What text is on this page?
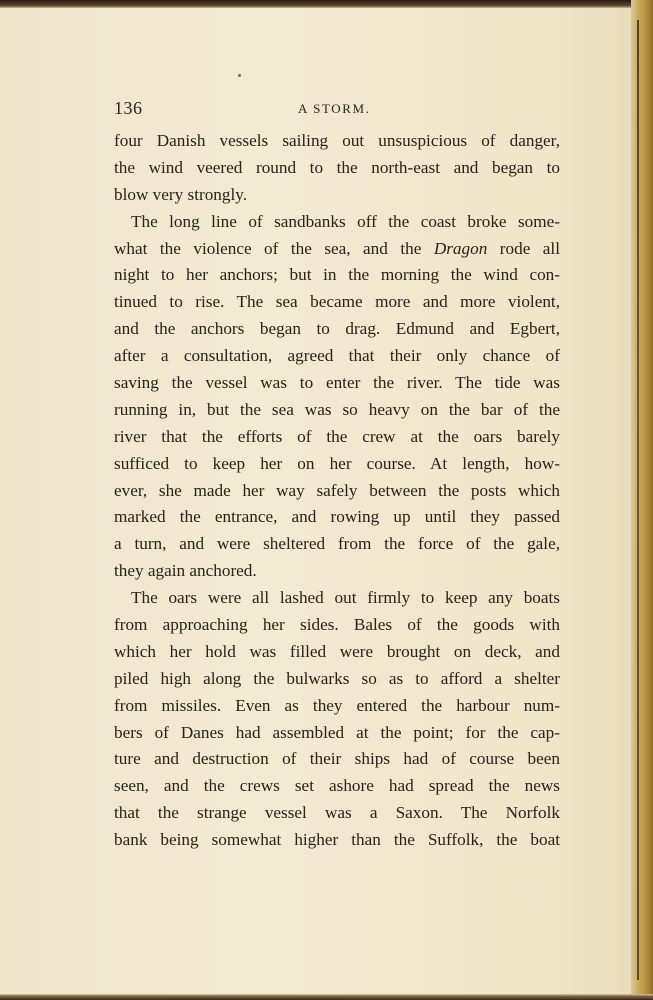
136	A STORM.
four Danish vessels sailing out unsuspicious of danger,
the wind veered round to the north-east and began to
blow very strongly.
The long line of sandbanks off the coast broke some-
what the violence of the sea, and the Dragon rode all
night to her anchors; but in the morning the wind con-
tinued to rise. The sea became more and more violent,
and the anchors began to drag. Edmund and Egbert,
after a consultation, agreed that their only chance of
saving the vessel was to enter the river. The tide was
running in, but the sea was so heavy on the bar of the
river that the efforts of the crew at the oars barely
sufficed to keep her on her course. At length, how-
ever, she made her way safely between the posts which
marked the entrance, and rowing up until they passed
a turn, and were sheltered from the force of the gale,
they again anchored.
The oars were all lashed out firmly to keep any boats
from approaching her sides. Bales of the goods with
which her hold was filled were brought on deck, and
piled high along the bulwarks so as to afford a shelter
from missiles. Even as they entered the harbour num-
bers of Danes had assembled at the point; for the cap-
ture and destruction of their ships had of course been
seen, and the crews set ashore had spread the news
that the strange vessel was a Saxon. The Norfolk
bank being somewhat higher than the Suffolk, the boat
